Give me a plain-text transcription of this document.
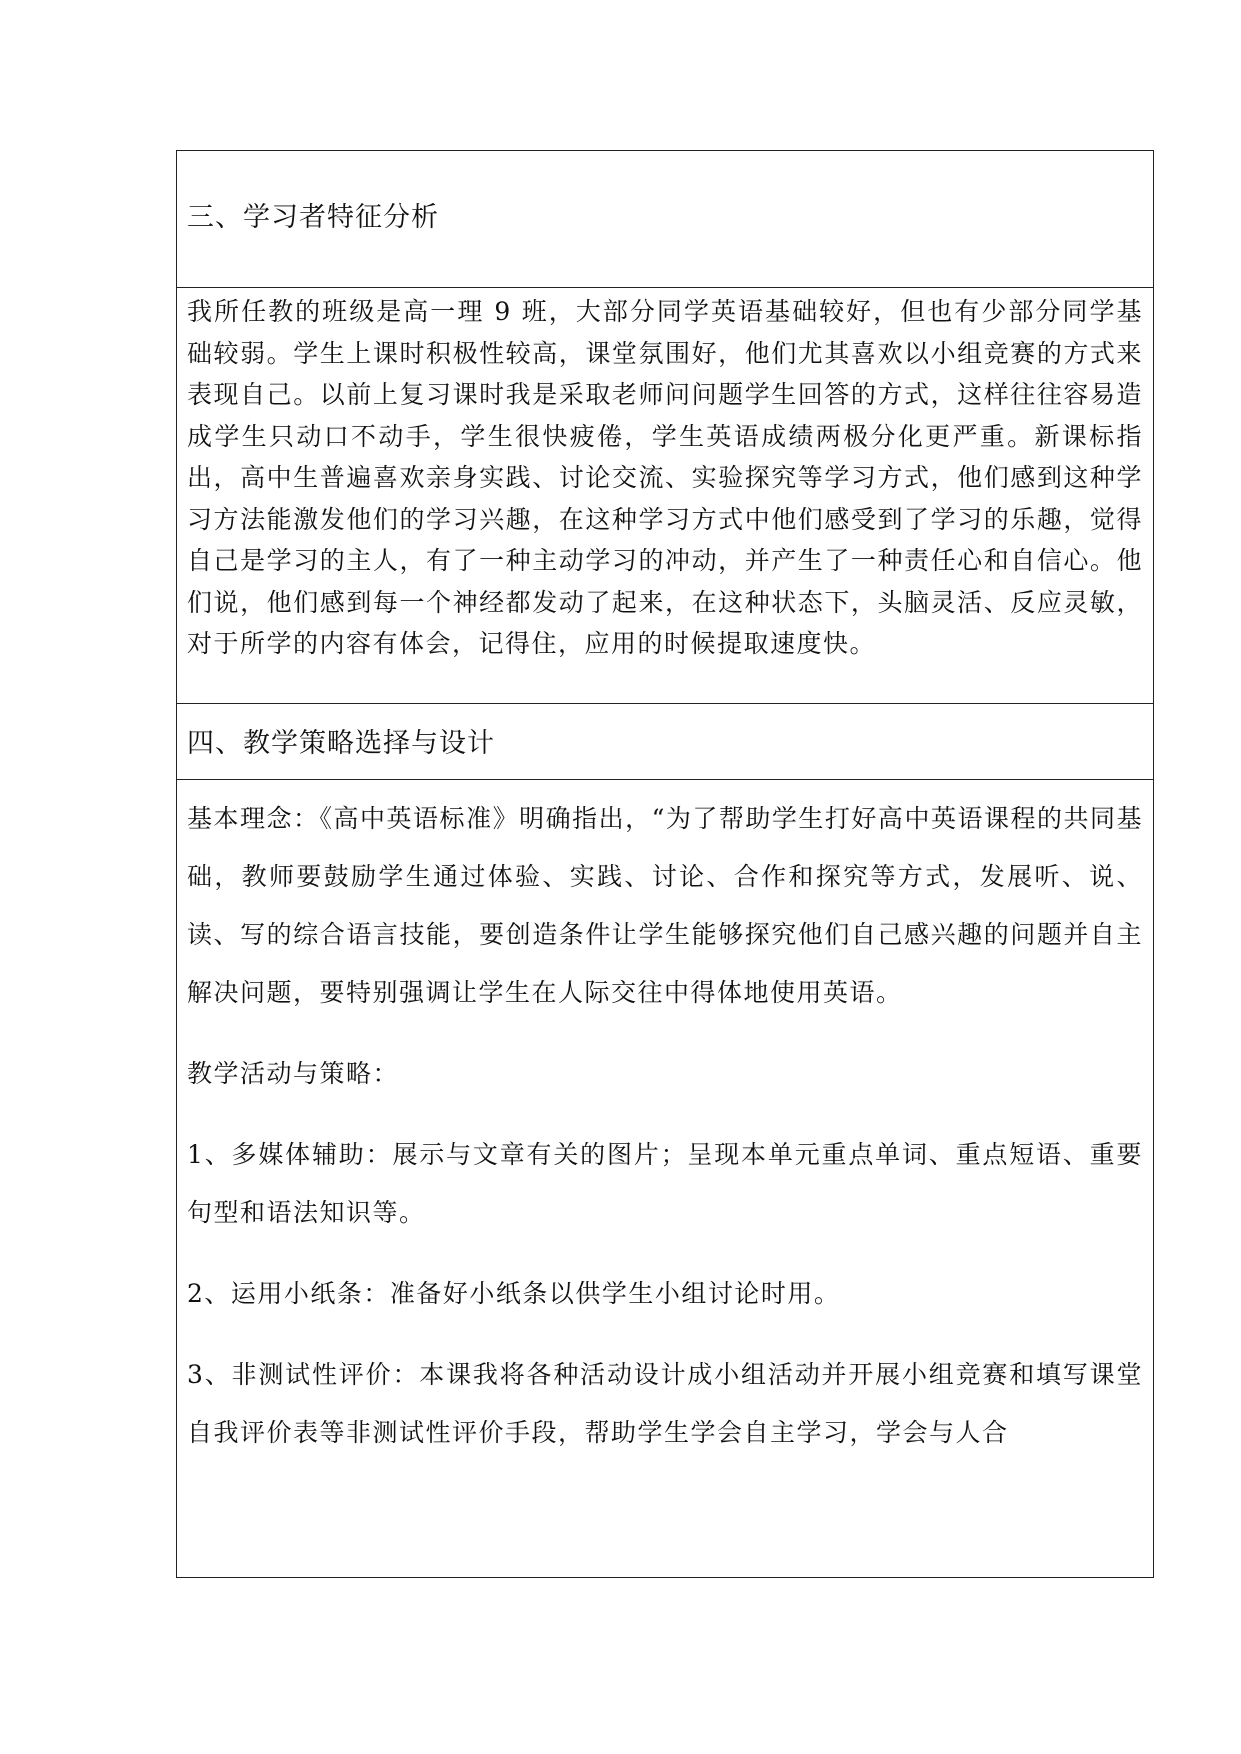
三、学习者特征分析

我所任教的班级是高一理 9 班，大部分同学英语基础较好，但也有少部分同学基础较弱。学生上课时积极性较高，课堂氛围好，他们尤其喜欢以小组竞赛的方式来表现自己。以前上复习课时我是采取老师问问题学生回答的方式，这样往往容易造成学生只动口不动手，学生很快疲倦，学生英语成绩两极分化更严重。新课标指出，高中生普遍喜欢亲身实践、讨论交流、实验探究等学习方式，他们感到这种学习方法能激发他们的学习兴趣，在这种学习方式中他们感受到了学习的乐趣，觉得自己是学习的主人，有了一种主动学习的冲动，并产生了一种责任心和自信心。他们说，他们感到每一个神经都发动了起来，在这种状态下，头脑灵活、反应灵敏，对于所学的内容有体会，记得住，应用的时候提取速度快。

四、教学策略选择与设计

基本理念：《高中英语标准》明确指出，“为了帮助学生打好高中英语课程的共同基础，教师要鼓励学生通过体验、实践、讨论、合作和探究等方式，发展听、说、读、写的综合语言技能，要创造条件让学生能够探究他们自己感兴趣的问题并自主解决问题，要特别强调让学生在人际交往中得体地使用英语。

教学活动与策略：

1、多媒体辅助：展示与文章有关的图片；呈现本单元重点单词、重点短语、重要句型和语法知识等。

2、运用小纸条：准备好小纸条以供学生小组讨论时用。

3、非测试性评价：本课我将各种活动设计成小组活动并开展小组竞赛和填写课堂自我评价表等非测试性评价手段，帮助学生学会自主学习，学会与人合
